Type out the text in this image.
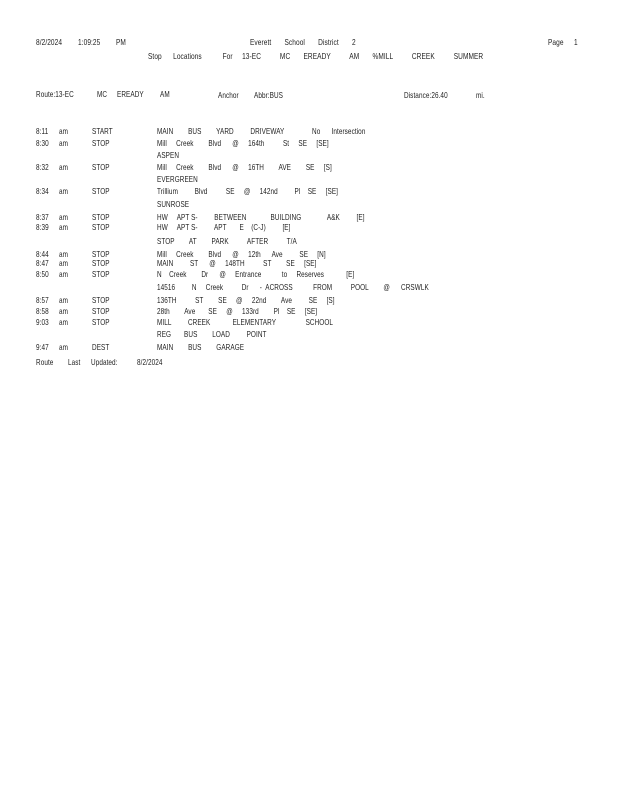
8/2/2024 1:09:25 PM	Everett       School       District       2	Page 1
Stop      Locations           For     13-EC          MC       EREADY          AM       %MILL          CREEK          SUMMER
Route:13-EC	MC EREADY AM	Anchor Abbr:BUS	Distance:26.40	mi.
8:11 am	START	MAIN        BUS        YARD         DRIVEWAY               No      Intersection
8:30 am	STOP	Mill     Creek        Blvd      @     164th          St     SE     [SE]
ASPEN
8:32 am	STOP	Mill     Creek        Blvd      @     16TH        AVE        SE     [S]
EVERGREEN
8:34 am	STOP	Trillium         Blvd          SE     @     142nd         Pl    SE     [SE]
SUNROSE
8:37 am	STOP	HW     APT S-         BETWEEN             BUILDING              A&K         [E]
8:39 am	STOP	HW     APT S-         APT       E    (C-J)         [E]
STOP        AT        PARK          AFTER          T/A
8:44 am	STOP	Mill     Creek        Blvd      @     12th      Ave         SE     [N]
8:47 am	STOP	MAIN         ST      @     148TH          ST        SE     [SE]
8:50 am	STOP	N    Creek        Dr      @     Entrance           to     Reserves            [E]
14516         N     Creek          Dr      -  ACROSS           FROM          POOL        @      CRSWLK
8:57 am	STOP	136TH          ST        SE     @     22nd        Ave         SE     [S]
8:58 am	STOP	28th        Ave       SE     @     133rd        Pl    SE     [SE]
9:03 am	STOP	MILL         CREEK            ELEMENTARY                SCHOOL
REG       BUS        LOAD         POINT
9:47 am	DEST	MAIN        BUS        GARAGE
Route Last Updated: 8/2/2024
